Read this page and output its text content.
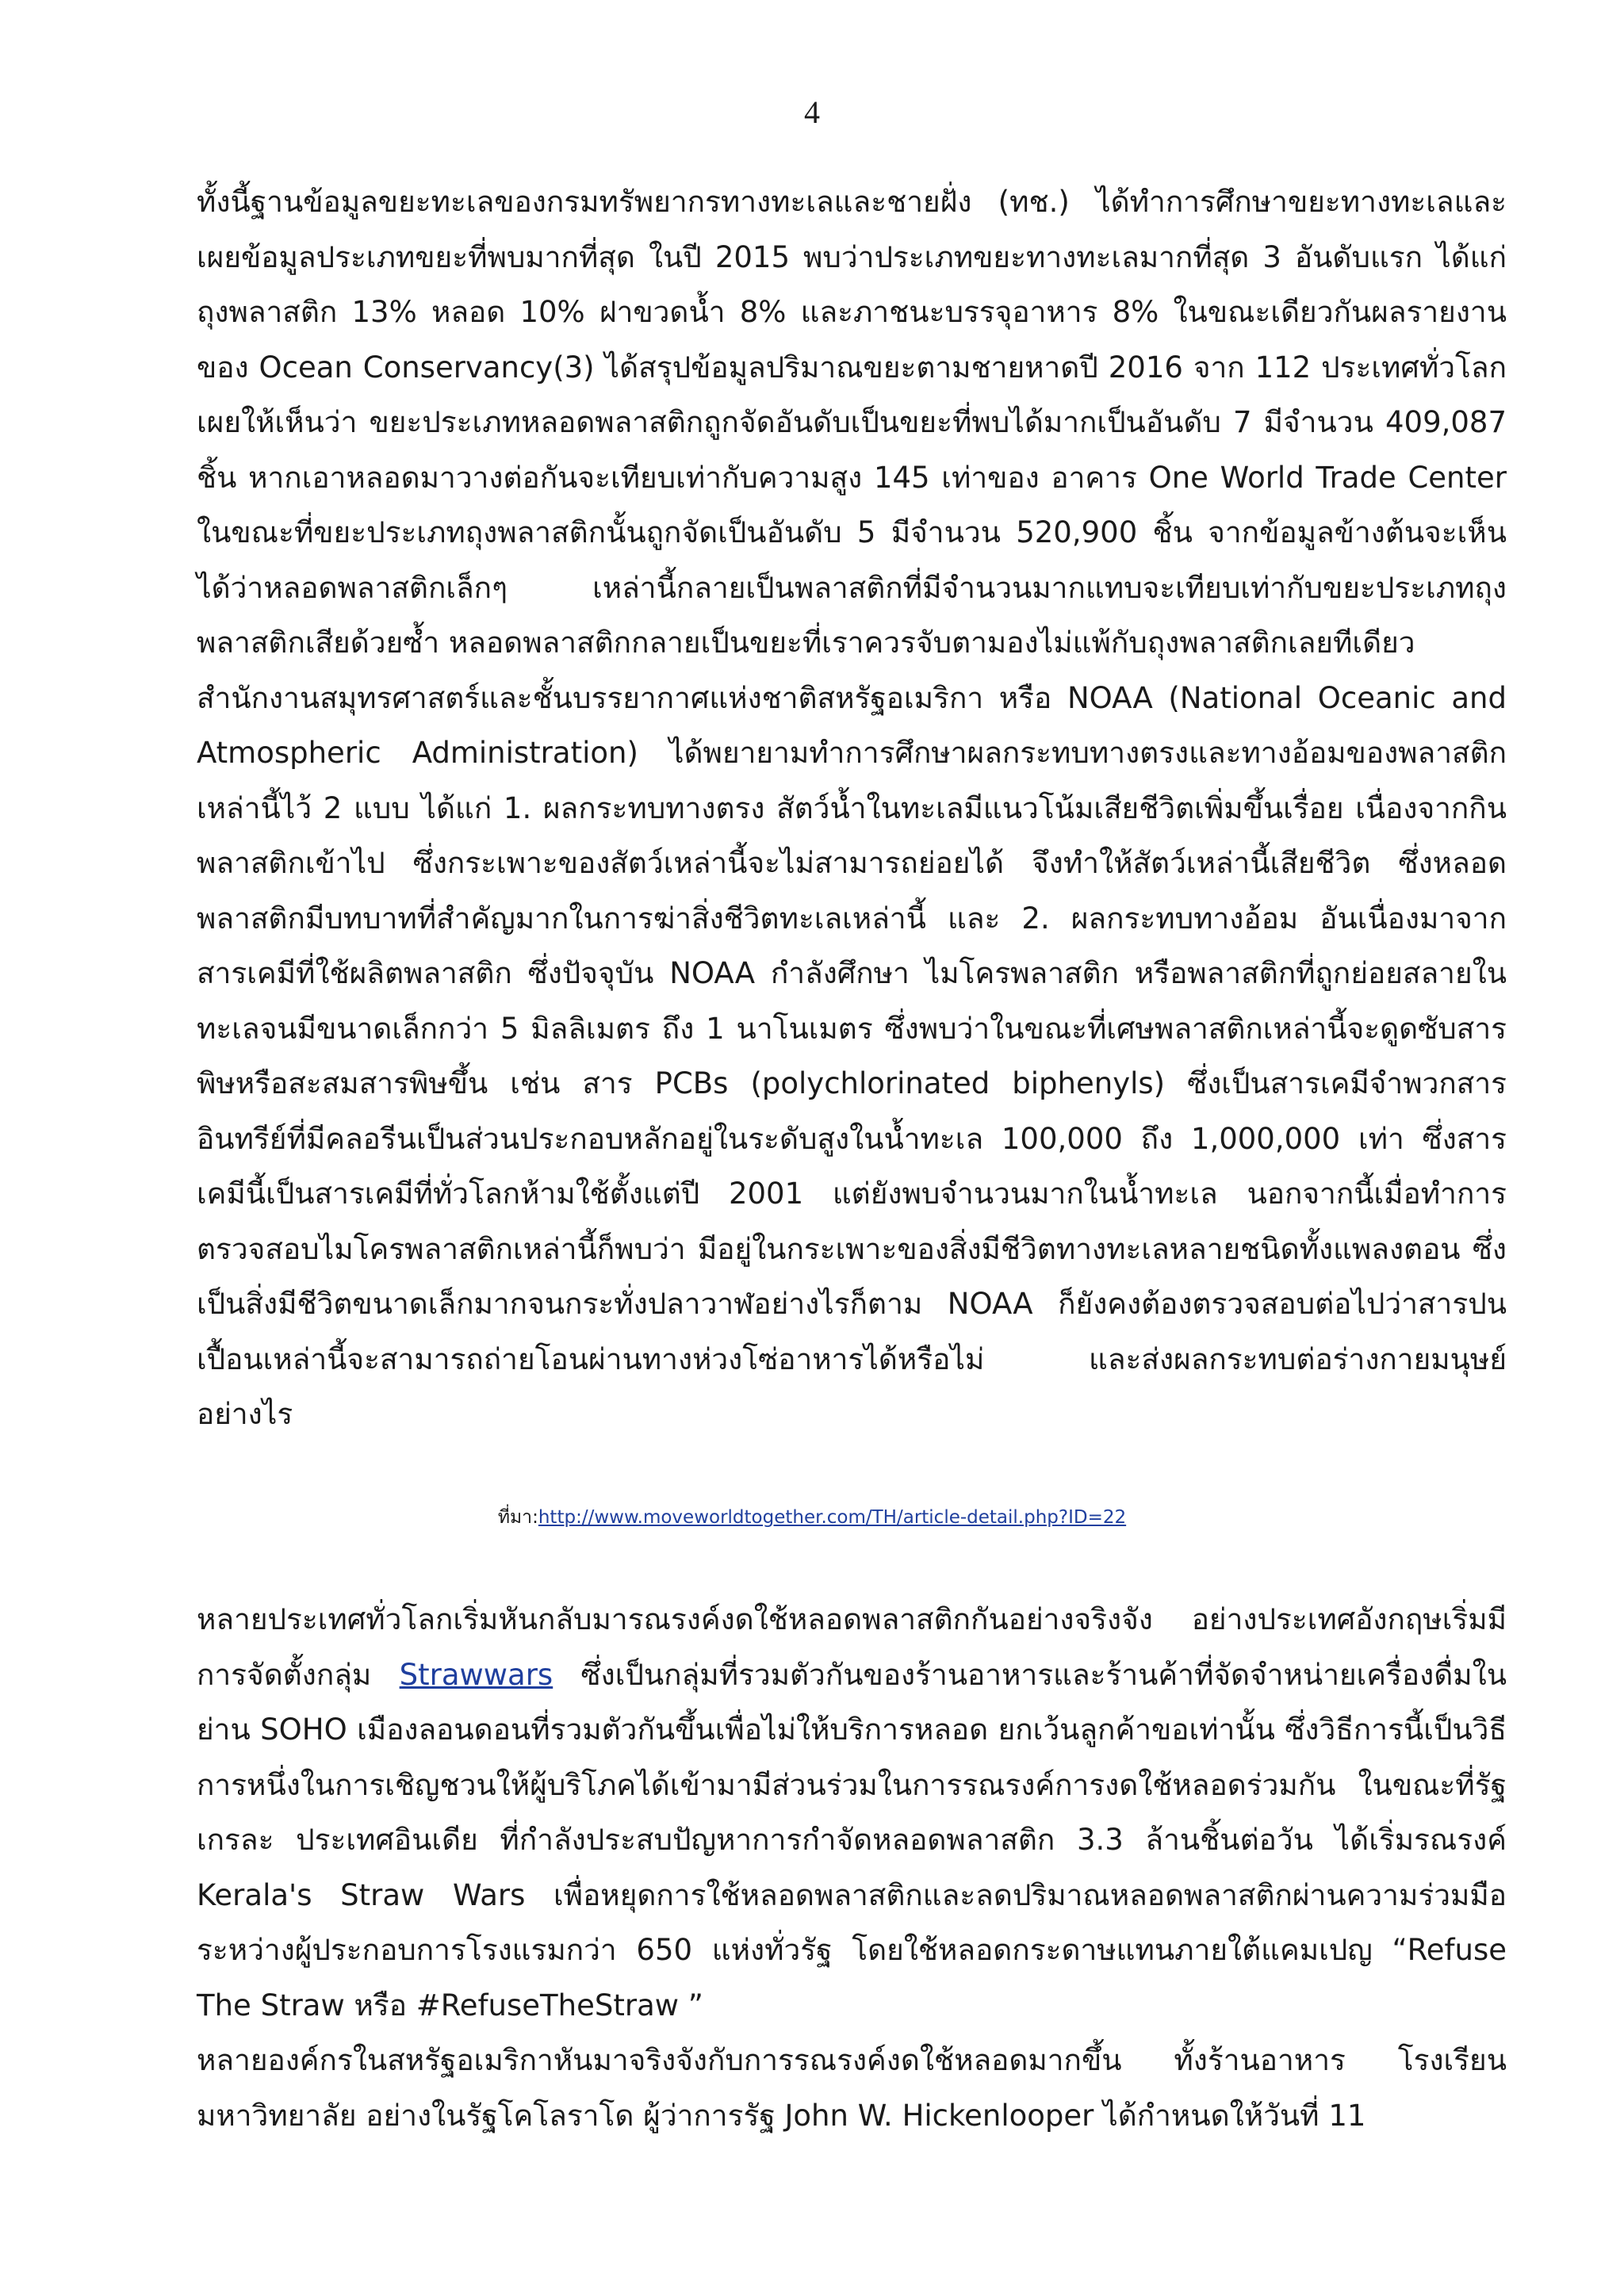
4

ทั้งนี้ฐานข้อมูลขยะทะเลของกรมทรัพยากรทางทะเลและชายฝั่ง (ทช.) ได้ทำการศึกษาขยะทางทะเลและเผยข้อมูลประเภทขยะที่พบมากที่สุด ในปี 2015 พบว่าประเภทขยะทางทะเลมากที่สุด 3 อันดับแรก ได้แก่ ถุงพลาสติก 13% หลอด 10% ฝาขวดน้ำ 8% และภาชนะบรรจุอาหาร 8% ในขณะเดียวกันผลรายงานของ Ocean Conservancy(3) ได้สรุปข้อมูลปริมาณขยะตามชายหาดปี 2016 จาก 112 ประเทศทั่วโลก เผยให้เห็นว่า ขยะประเภทหลอดพลาสติกถูกจัดอันดับเป็นขยะที่พบได้มากเป็นอันดับ 7 มีจำนวน 409,087 ชิ้น หากเอาหลอดมาวางต่อกันจะเทียบเท่ากับความสูง 145 เท่าของ อาคาร One World Trade Center ในขณะที่ขยะประเภทถุงพลาสติกนั้นถูกจัดเป็นอันดับ 5 มีจำนวน 520,900 ชิ้น จากข้อมูลข้างต้นจะเห็นได้ว่าหลอดพลาสติกเล็กๆ เหล่านี้กลายเป็นพลาสติกที่มีจำนวนมากแทบจะเทียบเท่ากับขยะประเภทถุงพลาสติกเสียด้วยซ้ำ หลอดพลาสติกกลายเป็นขยะที่เราควรจับตามองไม่แพ้กับถุงพลาสติกเลยทีเดียว

สำนักงานสมุทรศาสตร์และชั้นบรรยากาศแห่งชาติสหรัฐอเมริกา หรือ NOAA (National Oceanic and Atmospheric Administration) ได้พยายามทำการศึกษาผลกระทบทางตรงและทางอ้อมของพลาสติกเหล่านี้ไว้ 2 แบบ ได้แก่ 1. ผลกระทบทางตรง สัตว์น้ำในทะเลมีแนวโน้มเสียชีวิตเพิ่มขึ้นเรื่อย เนื่องจากกินพลาสติกเข้าไป ซึ่งกระเพาะของสัตว์เหล่านี้จะไม่สามารถย่อยได้ จึงทำให้สัตว์เหล่านี้เสียชีวิต ซึ่งหลอดพลาสติกมีบทบาทที่สำคัญมากในการฆ่าสิ่งชีวิตทะเลเหล่านี้ และ 2. ผลกระทบทางอ้อม อันเนื่องมาจากสารเคมีที่ใช้ผลิตพลาสติก ซึ่งปัจจุบัน NOAA กำลังศึกษา ไมโครพลาสติก หรือพลาสติกที่ถูกย่อยสลายในทะเลจนมีขนาดเล็กกว่า 5 มิลลิเมตร ถึง 1 นาโนเมตร ซึ่งพบว่าในขณะที่เศษพลาสติกเหล่านี้จะดูดซับสารพิษหรือสะสมสารพิษขึ้น เช่น สาร PCBs (polychlorinated biphenyls) ซึ่งเป็นสารเคมีจำพวกสารอินทรีย์ที่มีคลอรีนเป็นส่วนประกอบหลักอยู่ในระดับสูงในน้ำทะเล 100,000 ถึง 1,000,000 เท่า ซึ่งสารเคมีนี้เป็นสารเคมีที่ทั่วโลกห้ามใช้ตั้งแต่ปี 2001 แต่ยังพบจำนวนมากในน้ำทะเล นอกจากนี้เมื่อทำการตรวจสอบไมโครพลาสติกเหล่านี้ก็พบว่า มีอยู่ในกระเพาะของสิ่งมีชีวิตทางทะเลหลายชนิดทั้งแพลงตอน ซึ่งเป็นสิ่งมีชีวิตขนาดเล็กมากจนกระทั่งปลาวาฬอย่างไรก็ตาม NOAA ก็ยังคงต้องตรวจสอบต่อไปว่าสารปนเปื้อนเหล่านี้จะสามารถถ่ายโอนผ่านทางห่วงโซ่อาหารได้หรือไม่ และส่งผลกระทบต่อร่างกายมนุษย์อย่างไร

ที่มา:http://www.moveworldtogether.com/TH/article-detail.php?ID=22

หลายประเทศทั่วโลกเริ่มหันกลับมารณรงค์งดใช้หลอดพลาสติกกันอย่างจริงจัง อย่างประเทศอังกฤษเริ่มมีการจัดตั้งกลุ่ม Strawwars ซึ่งเป็นกลุ่มที่รวมตัวกันของร้านอาหารและร้านค้าที่จัดจำหน่ายเครื่องดื่มในย่าน SOHO เมืองลอนดอนที่รวมตัวกันขึ้นเพื่อไม่ให้บริการหลอด ยกเว้นลูกค้าขอเท่านั้น ซึ่งวิธีการนี้เป็นวิธีการหนึ่งในการเชิญชวนให้ผู้บริโภคได้เข้ามามีส่วนร่วมในการรณรงค์การงดใช้หลอดร่วมกัน ในขณะที่รัฐเกรละ ประเทศอินเดีย ที่กำลังประสบปัญหาการกำจัดหลอดพลาสติก 3.3 ล้านชิ้นต่อวัน ได้เริ่มรณรงค์ Kerala's Straw Wars เพื่อหยุดการใช้หลอดพลาสติกและลดปริมาณหลอดพลาสติกผ่านความร่วมมือระหว่างผู้ประกอบการโรงแรมกว่า 650 แห่งทั่วรัฐ โดยใช้หลอดกระดาษแทนภายใต้แคมเปญ “Refuse The Straw หรือ #RefuseTheStraw ”

หลายองค์กรในสหรัฐอเมริกาหันมาจริงจังกับการรณรงค์งดใช้หลอดมากขึ้น ทั้งร้านอาหาร โรงเรียน มหาวิทยาลัย อย่างในรัฐโคโลราโด ผู้ว่าการรัฐ John W. Hickenlooper ได้กำหนดให้วันที่ 11
